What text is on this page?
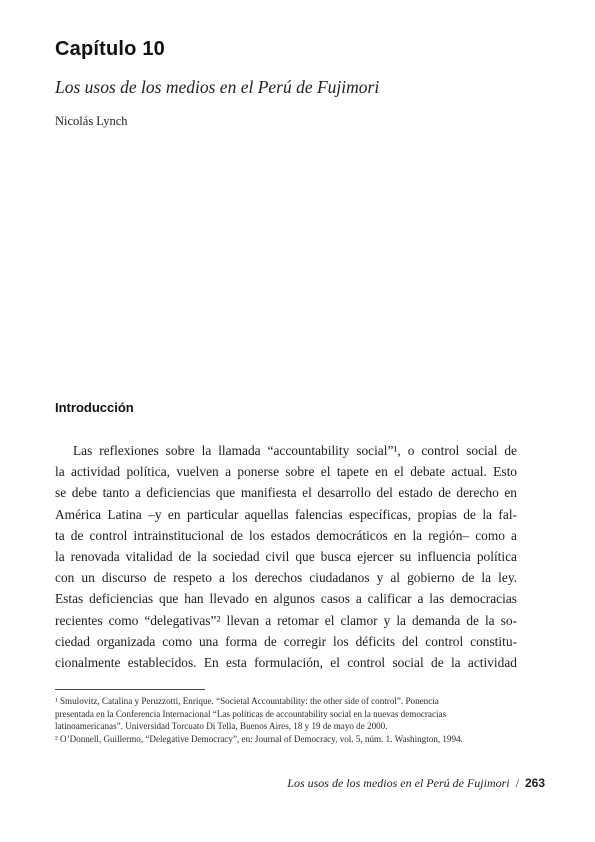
Capítulo 10
Los usos de los medios en el Perú de Fujimori
Nicolás Lynch
Introducción
Las reflexiones sobre la llamada “accountability social”¹, o control social de
la actividad política, vuelven a ponerse sobre el tapete en el debate actual. Esto
se debe tanto a deficiencias que manifiesta el desarrollo del estado de derecho en
América Latina –y en particular aquellas falencias específicas, propias de la fal-
ta de control intrainstitucional de los estados democráticos en la región– como a
la renovada vitalidad de la sociedad civil que busca ejercer su influencia política
con un discurso de respeto a los derechos ciudadanos y al gobierno de la ley.
Estas deficiencias que han llevado en algunos casos a calificar a las democracias
recientes como “delegativas”² llevan a retomar el clamor y la demanda de la so-
ciedad organizada como una forma de corregir los déficits del control constitu-
cionalmente establecidos. En esta formulación, el control social de la actividad
¹ Smulovitz, Catalina y Peruzzotti, Enrique. “Societal Accountability: the other side of control”. Ponencia
presentada en la Conferencia Internacional “Las políticas de accountability social en la nuevas democracias
latinoamericanas”. Universidad Torcuato Di Tella, Buenos Aires, 18 y 19 de mayo de 2000.
² O’Donnell, Guillermo, “Delegative Democracy”, en: Journal of Democracy, vol. 5, núm. 1. Washington, 1994.
Los usos de los medios en el Perú de Fujimori / 263
